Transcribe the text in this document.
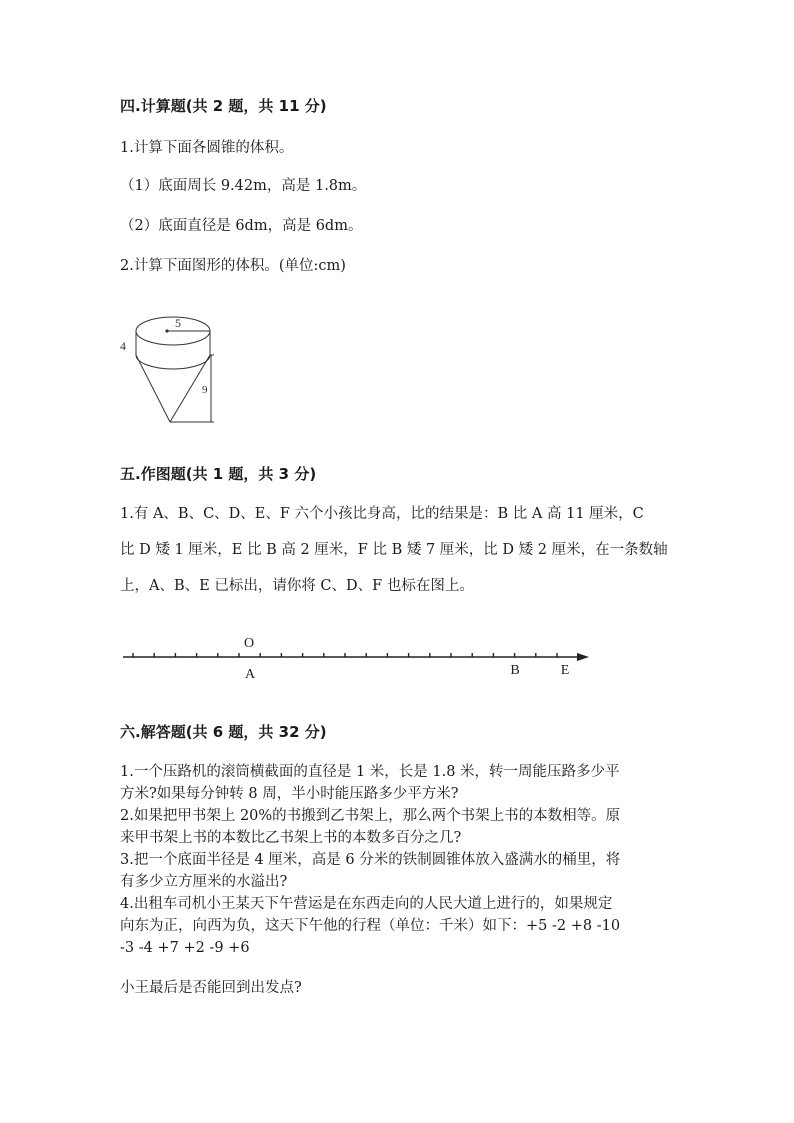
四.计算题(共 2 题，共 11 分)
1.计算下面各圆锥的体积。
（1）底面周长 9.42m，高是 1.8m。
（2）底面直径是 6dm，高是 6dm。
2.计算下面图形的体积。(单位:cm)
5
4
9
五.作图题(共 1 题，共 3 分)
1.有 A、B、C、D、E、F 六个小孩比身高，比的结果是：B 比 A 高 11 厘米，C
比 D 矮 1 厘米，E 比 B 高 2 厘米，F 比 B 矮 7 厘米，比 D 矮 2 厘米，在一条数轴
上，A、B、E 已标出，请你将 C、D、F 也标在图上。
O
A	B	E
六.解答题(共 6 题，共 32 分)
1.一个压路机的滚筒横截面的直径是 1 米，长是 1.8 米，转一周能压路多少平
方米?如果每分钟转 8 周，半小时能压路多少平方米?
2.如果把甲书架上 20%的书搬到乙书架上，那么两个书架上书的本数相等。原
来甲书架上书的本数比乙书架上书的本数多百分之几?
3.把一个底面半径是 4 厘米，高是 6 分米的铁制圆锥体放入盛满水的桶里，将
有多少立方厘米的水溢出?
4.出租车司机小王某天下午营运是在东西走向的人民大道上进行的，如果规定
向东为正，向西为负，这天下午他的行程（单位：千米）如下：+5 -2 +8 -10
-3 -4 +7 +2 -9 +6
小王最后是否能回到出发点?
